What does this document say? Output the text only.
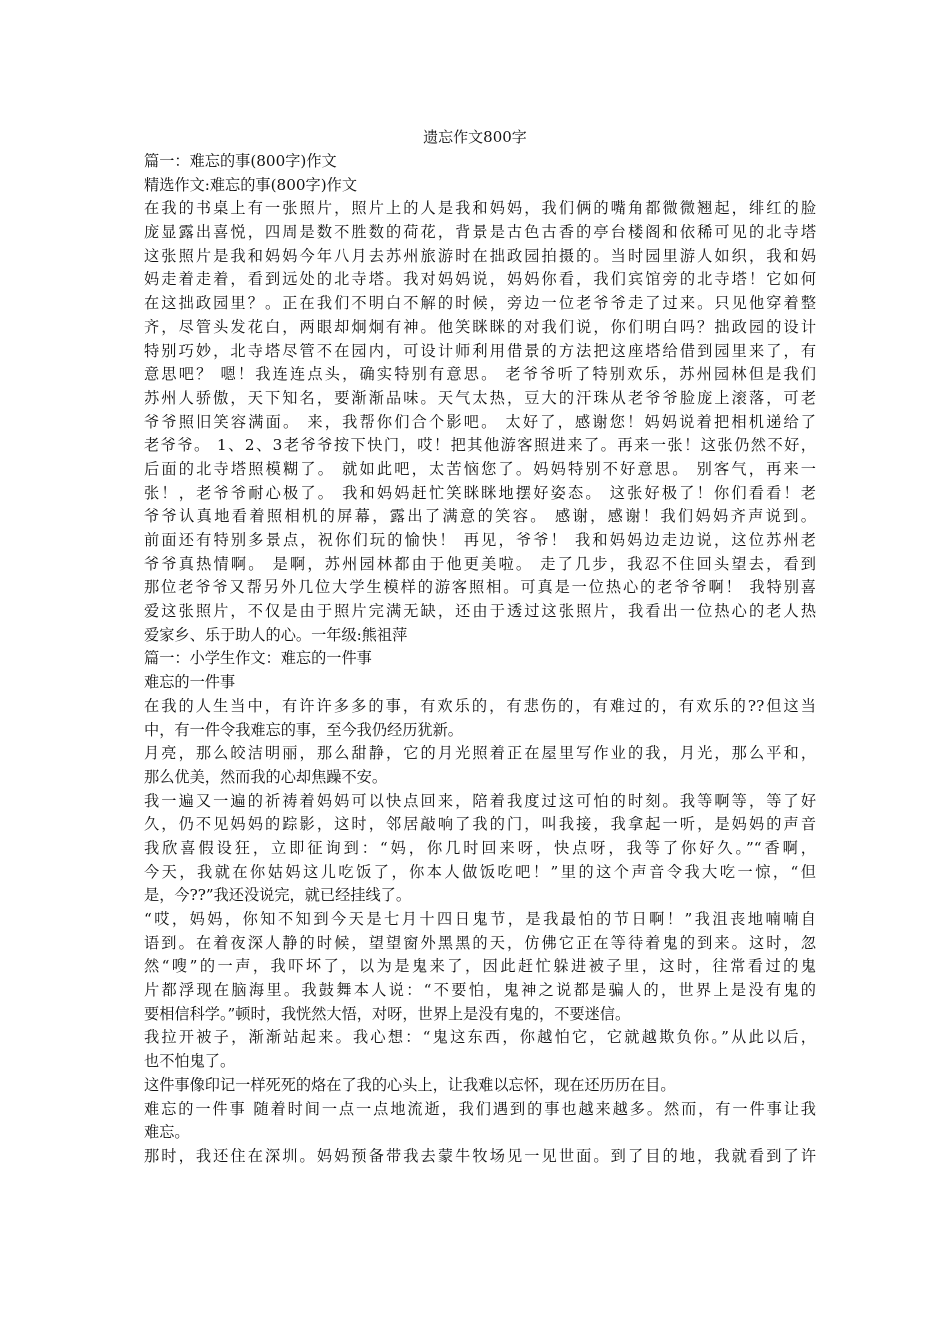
遗忘作文800字
篇一：难忘的事(800字)作文
精选作文:难忘的事(800字)作文
在我的书桌上有一张照片，照片上的人是我和妈妈，我们俩的嘴角都微微翘起，绯红的脸
庞显露出喜悦，四周是数不胜数的荷花，背景是古色古香的亭台楼阁和依稀可见的北寺塔
这张照片是我和妈妈今年八月去苏州旅游时在拙政园拍摄的。当时园里游人如织，我和妈
妈走着走着，看到远处的北寺塔。我对妈妈说，妈妈你看，我们宾馆旁的北寺塔！它如何
在这拙政园里？。正在我们不明白不解的时候，旁边一位老爷爷走了过来。只见他穿着整
齐，尽管头发花白，两眼却炯炯有神。他笑眯眯的对我们说，你们明白吗？拙政园的设计
特别巧妙，北寺塔尽管不在园内，可设计师利用借景的方法把这座塔给借到园里来了，有
意思吧？ 嗯！我连连点头，确实特别有意思。 老爷爷听了特别欢乐，苏州园林但是我们
苏州人骄傲，天下知名，要渐渐品味。天气太热，豆大的汗珠从老爷爷脸庞上滚落，可老
爷爷照旧笑容满面。 来，我帮你们合个影吧。 太好了，感谢您！妈妈说着把相机递给了
老爷爷。 1、2、3老爷爷按下快门，哎！把其他游客照进来了。再来一张！这张仍然不好，
后面的北寺塔照模糊了。 就如此吧，太苦恼您了。妈妈特别不好意思。 别客气，再来一
张！，老爷爷耐心极了。 我和妈妈赶忙笑眯眯地摆好姿态。 这张好极了！你们看看！老
爷爷认真地看着照相机的屏幕，露出了满意的笑容。 感谢，感谢！我们妈妈齐声说到。
前面还有特别多景点，祝你们玩的愉快！ 再见，爷爷！ 我和妈妈边走边说，这位苏州老
爷爷真热情啊。 是啊，苏州园林都由于他更美啦。 走了几步，我忍不住回头望去，看到
那位老爷爷又帮另外几位大学生模样的游客照相。可真是一位热心的老爷爷啊！ 我特别喜
爱这张照片，不仅是由于照片完满无缺，还由于透过这张照片，我看出一位热心的老人热
爱家乡、乐于助人的心。一年级:熊祖萍
篇一：小学生作文：难忘的一件事
难忘的一件事
在我的人生当中，有许许多多的事，有欢乐的，有悲伤的，有难过的，有欢乐的??但这当
中，有一件令我难忘的事，至今我仍经历犹新。
月亮，那么皎洁明丽，那么甜静，它的月光照着正在屋里写作业的我，月光，那么平和，
那么优美，然而我的心却焦躁不安。
我一遍又一遍的祈祷着妈妈可以快点回来，陪着我度过这可怕的时刻。我等啊等，等了好
久，仍不见妈妈的踪影，这时，邻居敲响了我的门，叫我接，我拿起一听，是妈妈的声音
我欣喜假设狂，立即征询到：“妈，你几时回来呀，快点呀，我等了你好久。”“香啊，
今天，我就在你姑妈这儿吃饭了，你本人做饭吃吧！”里的这个声音令我大吃一惊，“但
是，今??”我还没说完，就已经挂线了。
“哎，妈妈，你知不知到今天是七月十四日鬼节，是我最怕的节日啊！”我沮丧地喃喃自
语到。在着夜深人静的时候，望望窗外黑黑的天，仿佛它正在等待着鬼的到来。这时，忽
然“嗖”的一声，我吓坏了，以为是鬼来了，因此赶忙躲进被子里，这时，往常看过的鬼
片都浮现在脑海里。我鼓舞本人说：“不要怕，鬼神之说都是骗人的，世界上是没有鬼的
要相信科学。”顿时，我恍然大悟，对呀，世界上是没有鬼的，不要迷信。
我拉开被子，渐渐站起来。我心想：“鬼这东西，你越怕它，它就越欺负你。”从此以后，
也不怕鬼了。
这件事像印记一样死死的烙在了我的心头上，让我难以忘怀，现在还历历在目。
难忘的一件事 随着时间一点一点地流逝，我们遇到的事也越来越多。然而，有一件事让我
难忘。
那时，我还住在深圳。妈妈预备带我去蒙牛牧场见一见世面。到了目的地，我就看到了许
